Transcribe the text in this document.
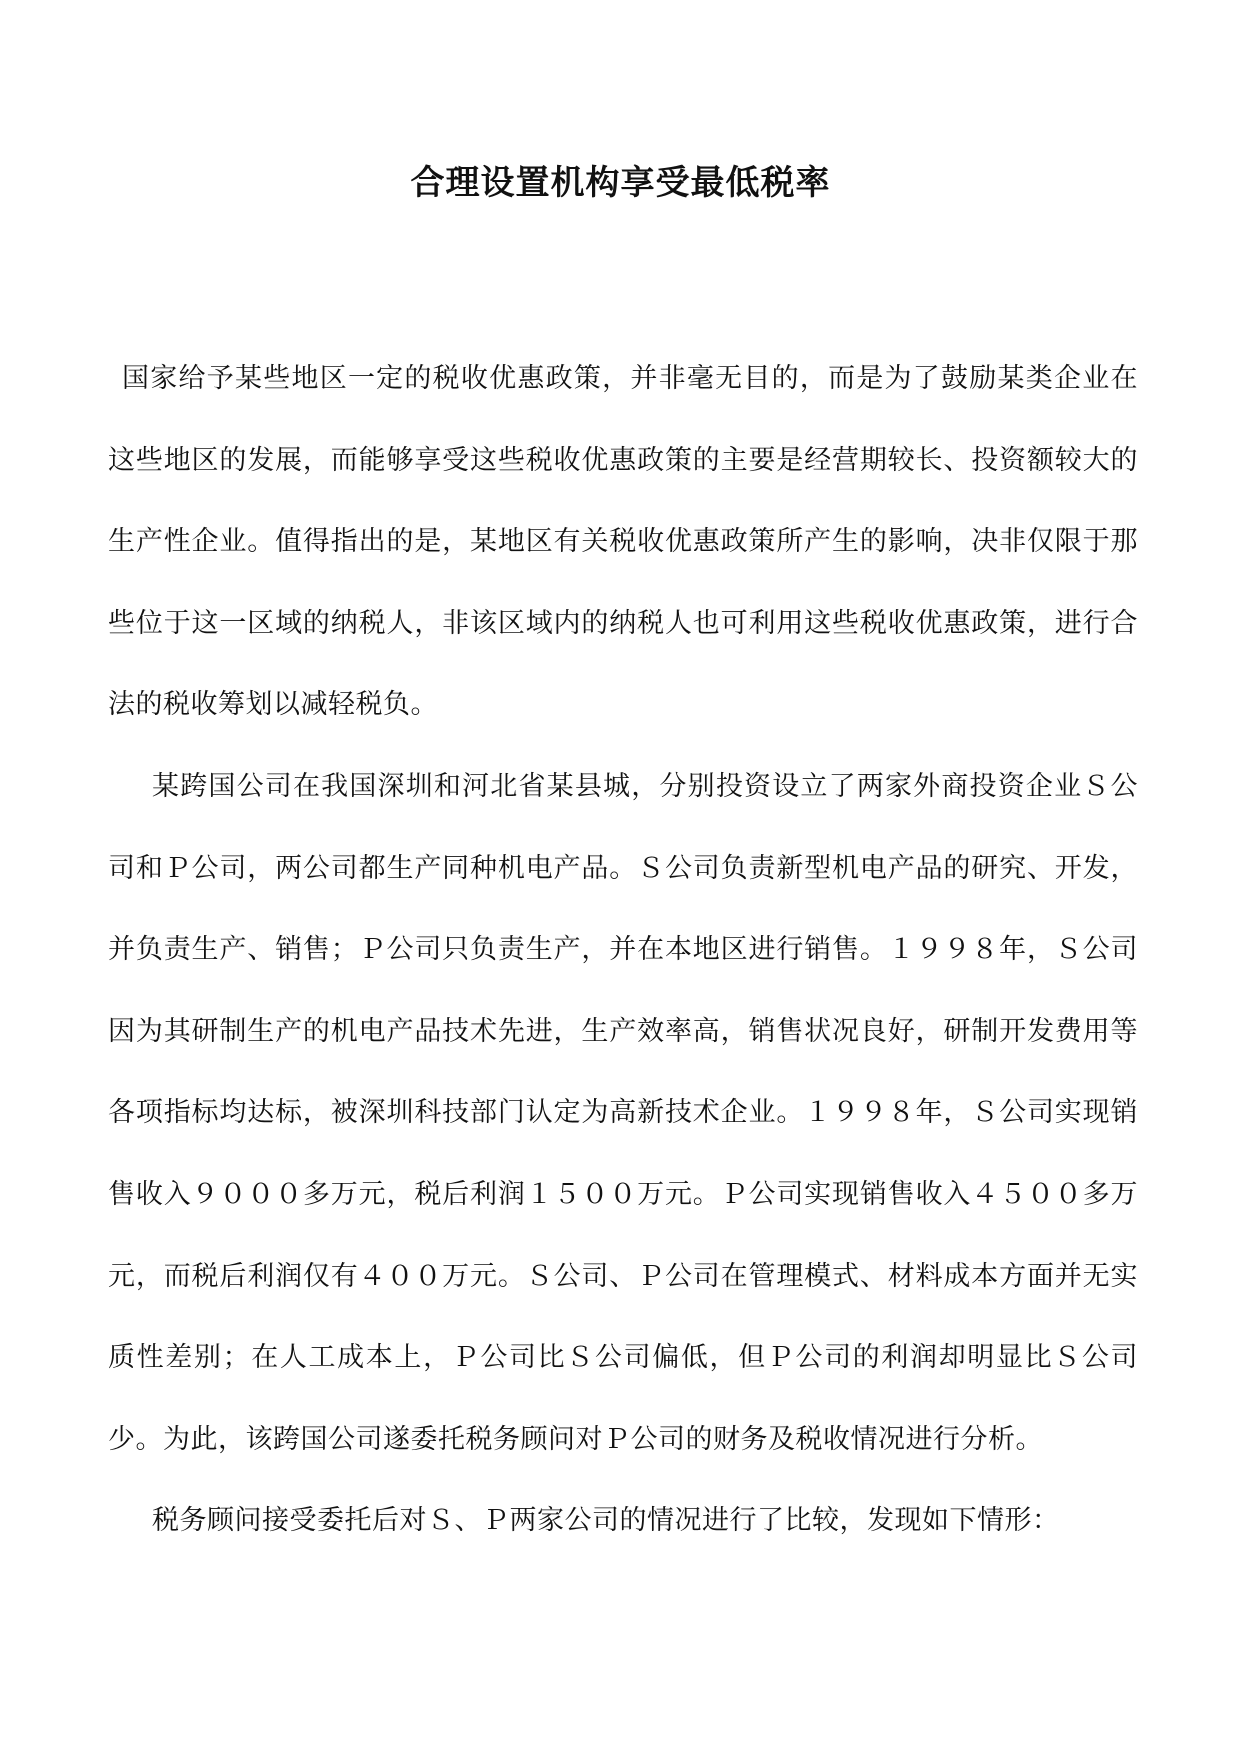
合理设置机构享受最低税率

国家给予某些地区一定的税收优惠政策，并非毫无目的，而是为了鼓励某类企业在这些地区的发展，而能够享受这些税收优惠政策的主要是经营期较长、投资额较大的生产性企业。值得指出的是，某地区有关税收优惠政策所产生的影响，决非仅限于那些位于这一区域的纳税人，非该区域内的纳税人也可利用这些税收优惠政策，进行合法的税收筹划以减轻税负。

某跨国公司在我国深圳和河北省某县城，分别投资设立了两家外商投资企业Ｓ公司和Ｐ公司，两公司都生产同种机电产品。Ｓ公司负责新型机电产品的研究、开发，并负责生产、销售；Ｐ公司只负责生产，并在本地区进行销售。１９９８年，Ｓ公司因为其研制生产的机电产品技术先进，生产效率高，销售状况良好，研制开发费用等各项指标均达标，被深圳科技部门认定为高新技术企业。１９９８年，Ｓ公司实现销售收入９０００多万元，税后利润１５００万元。Ｐ公司实现销售收入４５００多万元，而税后利润仅有４００万元。Ｓ公司、Ｐ公司在管理模式、材料成本方面并无实质性差别；在人工成本上，Ｐ公司比Ｓ公司偏低，但Ｐ公司的利润却明显比Ｓ公司少。为此，该跨国公司遂委托税务顾问对Ｐ公司的财务及税收情况进行分析。

税务顾问接受委托后对Ｓ、Ｐ两家公司的情况进行了比较，发现如下情形：
